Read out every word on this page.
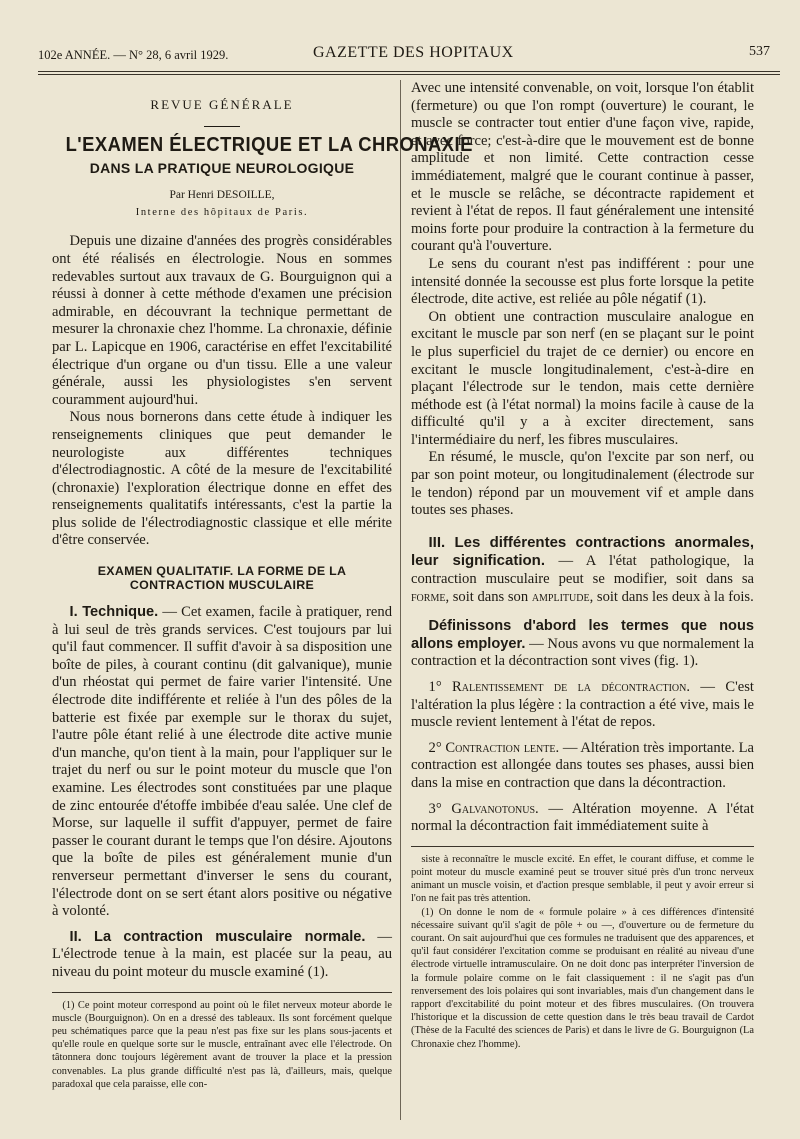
102e ANNÉE. — N° 28, 6 avril 1929.	GAZETTE DES HOPITAUX	537
REVUE GÉNÉRALE
L'EXAMEN ÉLECTRIQUE ET LA CHRONAXIE
DANS LA PRATIQUE NEUROLOGIQUE
Par Henri DESOILLE,
Interne des hôpitaux de Paris.

Depuis une dizaine d'années des progrès considérables ont été réalisés en électrologie. Nous en sommes redevables surtout aux travaux de G. Bourguignon qui a réussi à donner à cette méthode d'examen une précision admirable, en découvrant la technique permettant de mesurer la chronaxie chez l'homme. La chronaxie, définie par L. Lapicque en 1906, caractérise en effet l'excitabilité électrique d'un organe ou d'un tissu. Elle a une valeur générale, aussi les physiologistes s'en servent couramment aujourd'hui.

Nous nous bornerons dans cette étude à indiquer les renseignements cliniques que peut demander le neurologiste aux différentes techniques d'électrodiagnostic. A côté de la mesure de l'excitabilité (chronaxie) l'exploration électrique donne en effet des renseignements qualitatifs intéressants, c'est la partie la plus solide de l'électrodiagnostic classique et elle mérite d'être conservée.

EXAMEN QUALITATIF. LA FORME DE LA CONTRACTION MUSCULAIRE

I. Technique. — Cet examen, facile à pratiquer, rend à lui seul de très grands services. C'est toujours par lui qu'il faut commencer. Il suffit d'avoir à sa disposition une boîte de piles, à courant continu (dit galvanique), munie d'un rhéostat qui permet de faire varier l'intensité. Une électrode dite indifférente et reliée à l'un des pôles de la batterie est fixée par exemple sur le thorax du sujet, l'autre pôle étant relié à une électrode dite active munie d'un manche, qu'on tient à la main, pour l'appliquer sur le trajet du nerf ou sur le point moteur du muscle que l'on examine. Les électrodes sont constituées par une plaque de zinc entourée d'étoffe imbibée d'eau salée. Une clef de Morse, sur laquelle il suffit d'appuyer, permet de faire passer le courant durant le temps que l'on désire. Ajoutons que la boîte de piles est généralement munie d'un renverseur permettant d'inverser le sens du courant, l'électrode dont on se sert étant alors positive ou négative à volonté.

II. La contraction musculaire normale. — L'électrode tenue à la main, est placée sur la peau, au niveau du point moteur du muscle examiné (1).

(1) Ce point moteur correspond au point où le filet nerveux moteur aborde le muscle (Bourguignon). On en a dressé des tableaux. Ils sont forcément quelque peu schématiques parce que la peau n'est pas fixe sur les plans sous-jacents et qu'elle roule en quelque sorte sur le muscle, entraînant avec elle l'électrode. On tâtonnera donc toujours légèrement avant de trouver la place et la pression convenables. La plus grande difficulté n'est pas là, d'ailleurs, mais, quelque paradoxal que cela paraisse, elle con-

Avec une intensité convenable, on voit, lorsque l'on établit (fermeture) ou que l'on rompt (ouverture) le courant, le muscle se contracter tout entier d'une façon vive, rapide, et avec force; c'est-à-dire que le mouvement est de bonne amplitude et non limité. Cette contraction cesse immédiatement, malgré que le courant continue à passer, et le muscle se relâche, se décontracte rapidement et revient à l'état de repos. Il faut généralement une intensité moins forte pour produire la contraction à la fermeture du courant qu'à l'ouverture.

Le sens du courant n'est pas indifférent : pour une intensité donnée la secousse est plus forte lorsque la petite électrode, dite active, est reliée au pôle négatif (1).

On obtient une contraction musculaire analogue en excitant le muscle par son nerf (en se plaçant sur le point le plus superficiel du trajet de ce dernier) ou encore en excitant le muscle longitudinalement, c'est-à-dire en plaçant l'électrode sur le tendon, mais cette dernière méthode est (à l'état normal) la moins facile à cause de la difficulté qu'il y a à exciter directement, sans l'intermédiaire du nerf, les fibres musculaires.

En résumé, le muscle, qu'on l'excite par son nerf, ou par son point moteur, ou longitudinalement (électrode sur le tendon) répond par un mouvement vif et ample dans toutes ses phases.

III. Les différentes contractions anormales, leur signification. — A l'état pathologique, la contraction musculaire peut se modifier, soit dans sa forme, soit dans son amplitude, soit dans les deux à la fois.

Définissons d'abord les termes que nous allons employer. — Nous avons vu que normalement la contraction et la décontraction sont vives (fig. 1).

1° Ralentissement de la décontraction. — C'est l'altération la plus légère : la contraction a été vive, mais le muscle revient lentement à l'état de repos.

2° Contraction lente. — Altération très importante. La contraction est allongée dans toutes ses phases, aussi bien dans la mise en contraction que dans la décontraction.

3° Galvanotonus. — Altération moyenne. A l'état normal la décontraction fait immédiatement suite à

siste à reconnaître le muscle excité. En effet, le courant diffuse, et comme le point moteur du muscle examiné peut se trouver situé près d'un tronc nerveux animant un muscle voisin, et d'action presque semblable, il peut y avoir erreur si l'on ne fait pas très attention.

(1) On donne le nom de « formule polaire » à ces différences d'intensité nécessaire suivant qu'il s'agit de pôle + ou —, d'ouverture ou de fermeture du courant. On sait aujourd'hui que ces formules ne traduisent que des apparences, et qu'il faut considérer l'excitation comme se produisant en réalité au niveau d'une électrode virtuelle intramusculaire. On ne doit donc pas interpréter l'inversion de la formule polaire comme on le fait classiquement : il ne s'agit pas d'un renversement des lois polaires qui sont invariables, mais d'un changement dans le rapport d'excitabilité du point moteur et des fibres musculaires. (On trouvera l'historique et la discussion de cette question dans le très beau travail de Cardot (Thèse de la Faculté des sciences de Paris) et dans le livre de G. Bourguignon (La Chronaxie chez l'homme).
